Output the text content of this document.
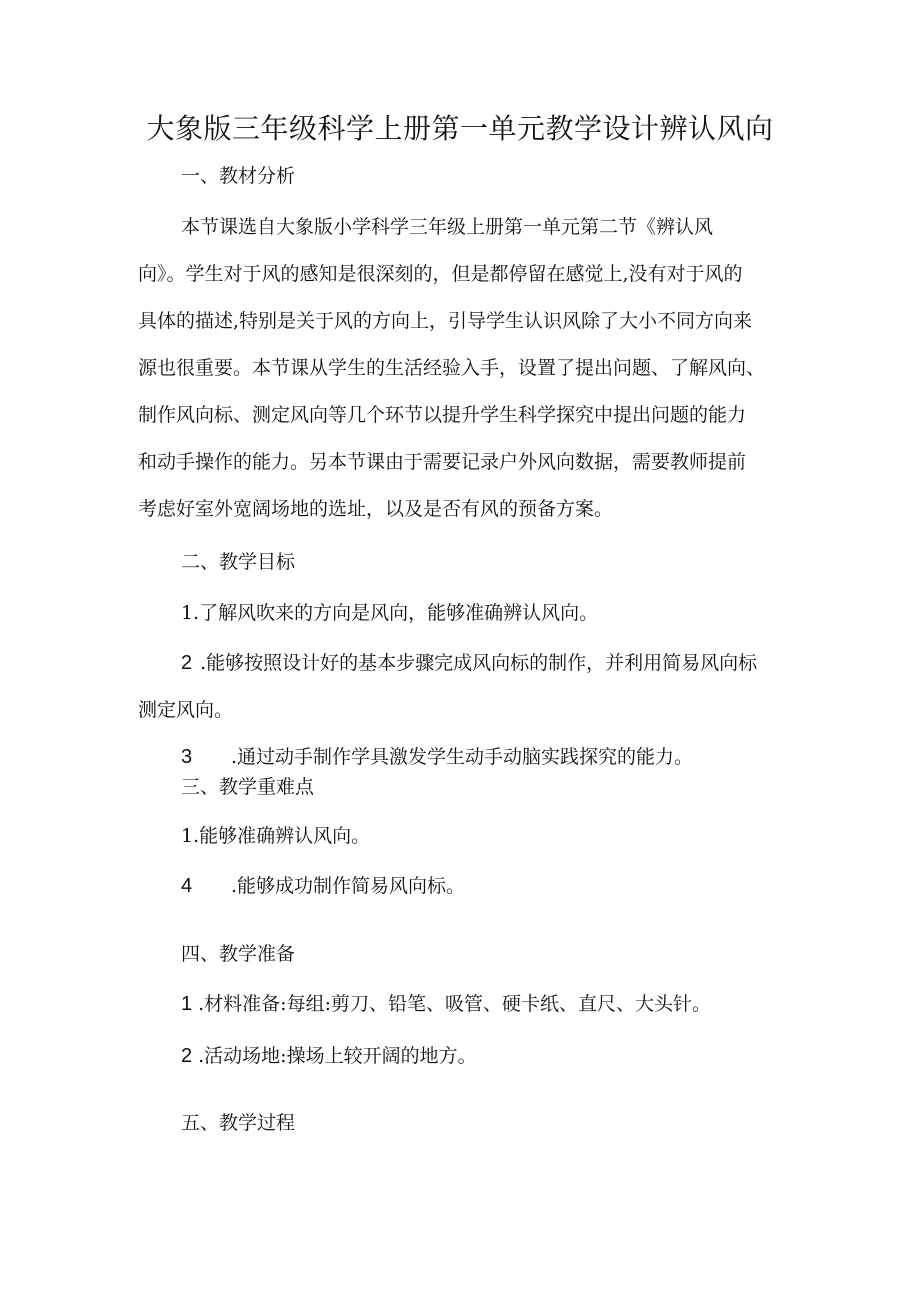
大象版三年级科学上册第一单元教学设计辨认风向
一、教材分析
本节课选自大象版小学科学三年级上册第一单元第二节《辨认风
向》。学生对于风的感知是很深刻的，但是都停留在感觉上,没有对于风的
具体的描述,特别是关于风的方向上，引导学生认识风除了大小不同方向来
源也很重要。本节课从学生的生活经验入手，设置了提出问题、了解风向、
制作风向标、测定风向等几个环节以提升学生科学探究中提出问题的能力
和动手操作的能力。另本节课由于需要记录户外风向数据，需要教师提前
考虑好室外宽阔场地的选址，以及是否有风的预备方案。
二、教学目标
1.了解风吹来的方向是风向，能够准确辨认风向。
2 .能够按照设计好的基本步骤完成风向标的制作，并利用简易风向标
测定风向。
3 .通过动手制作学具激发学生动手动脑实践探究的能力。
三、教学重难点
1.能够准确辨认风向。
4 .能够成功制作简易风向标。
四、教学准备
1 .材料准备:每组:剪刀、铅笔、吸管、硬卡纸、直尺、大头针。
2 .活动场地:操场上较开阔的地方。
五、教学过程
